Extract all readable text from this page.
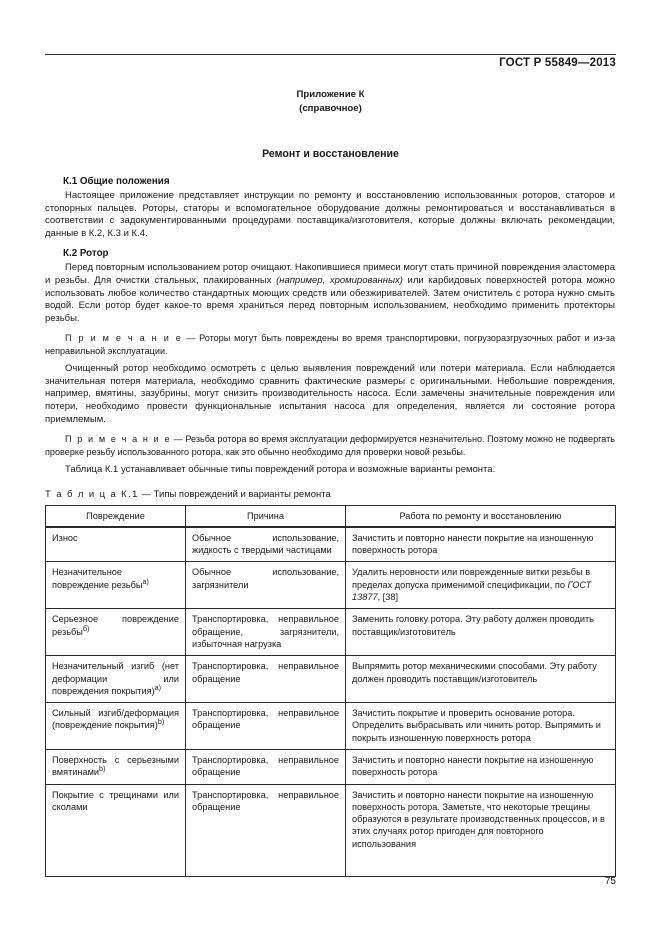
ГОСТ Р 55849—2013
Приложение К
(справочное)
Ремонт и восстановление
К.1 Общие положения

Настоящее приложение представляет инструкции по ремонту и восстановлению использованных роторов, статоров и стопорных пальцев. Роторы, статоры и вспомогательное оборудование должны ремонтироваться и восстанавливаться в соответствии с задокументированными процедурами поставщика/изготовителя, которые должны включать рекомендации, данные в К.2, К.3 и К.4.

К.2 Ротор

Перед повторным использованием ротор очищают. Накопившиеся примеси могут стать причиной повреждения эластомера и резьбы. Для очистки стальных, плакированных (например, хромированных) или карбидовых поверхностей ротора можно использовать любое количество стандартных моющих средств или обезжиривателей. Затем очиститель с ротора нужно смыть водой. Если ротор будет какое-то время храниться перед повторным использованием, необходимо применить протекторы резьбы.

П р и м е ч а н и е — Роторы могут быть повреждены во время транспортировки, погрузоразгрузочных работ и из-за неправильной эксплуатации.

Очищенный ротор необходимо осмотреть с целью выявления повреждений или потери материала. Если наблюдается значительная потеря материала, необходимо сравнить фактические размеры с оригинальными. Небольшие повреждения, например, вмятины, зазубрины, могут снизить производительность насоса. Если замечены значительные повреждения или потери, необходимо провести функциональные испытания насоса для определения, является ли состояние ротора приемлемым.

П р и м е ч а н и е — Резьба ротора во время эксплуатации деформируется незначительно. Поэтому можно не подвергать проверке резьбу использованного ротора, как это обычно необходимо для проверки новой резьбы.

Таблица К.1 устанавливает обычные типы повреждений ротора и возможные варианты ремонта.

Т а б л и ц а К.1 — Типы повреждений и варианты ремонта
Повреждение	Причина	Работа по ремонту и восстановлению
Износ	Обычное использование, жидкость с твердыми частицами	Зачистить и повторно нанести покрытие на изношенную поверхность ротора
Незначительное повреждение резьбы$^{а)}$	Обычное использование, загрязнители	Удалить неровности или поврежденные витки резьбы в пределах допуска применимой спецификации, по ГОСТ 13877, [38]
Серьезное повреждение резьбы$^{б)}$	Транспортировка, неправильное обращение, загрязнители, избыточная нагрузка	Заменить головку ротора. Эту работу должен проводить поставщик/изготовитель
Незначительный изгиб (нет деформации или повреждения покрытия)$^{а)}$	Транспортировка, неправильное обращение	Выпрямить ротор механическими способами. Эту работу должен проводить поставщик/изготовитель
Сильный изгиб/деформация (повреждение покрытия)$^{b)}$	Транспортировка, неправильное обращение	Зачистить покрытие и проверить основание ротора. Определить выбрасывать или чинить ротор. Выпрямить и покрыть изношенную поверхность ротора
Поверхность с серьезными вмятинами$^{b)}$	Транспортировка, неправильное обращение	Зачистить и повторно нанести покрытие на изношенную поверхность ротора
Покрытие с трещинами или сколами	Транспортировка, неправильное обращение	Зачистить и повторно нанести покрытие на изношенную поверхность ротора. Заметьте, что некоторые трещины образуются в результате производственных процессов, и в этих случаях ротор пригоден для повторного использования
75
